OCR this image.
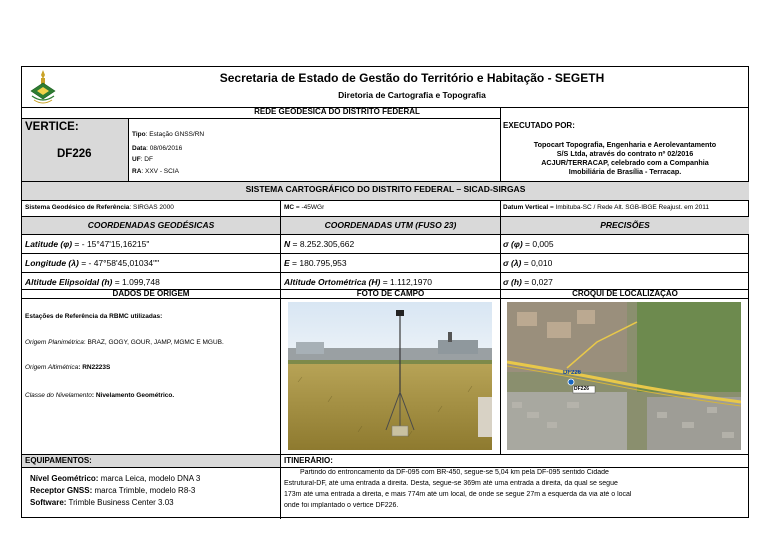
Secretaria de Estado de Gestão do Território e Habitação - SEGETH
Diretoria de Cartografia e Topografia
REDE GEODÉSICA DO DISTRITO FEDERAL
VÉRTICE:
DF226
Tipo: Estação GNSS/RN
Data: 08/06/2016
UF: DF
RA: XXV - SCIA
EXECUTADO POR:
Topocart Topografia, Engenharia e Aerolevantamento
S/S Ltda, através do contrato nº 02/2016
ACJUR/TERRACAP, celebrado com a Companhia
Imobiliária de Brasília - Terracap.
SISTEMA CARTOGRÁFICO DO DISTRITO FEDERAL – SICAD-SIRGAS
Sistema Geodésico de Referência: SIRGAS 2000	MC = -45WGr	Datum Vertical = Imbituba-SC / Rede Alt. SGB-IBGE Reajust. em 2011
COORDENADAS GEODÉSICAS	COORDENADAS UTM (FUSO 23)	PRECISÕES
Latitude (φ) = - 15°47'15,16215"	N = 8.252.305,662	σ (φ) = 0,005
Longitude (λ) = - 47°58'45,01034""	E = 180.795,953	σ (λ) = 0,010
Altitude Elipsoidal (h) = 1.099,748	Altitude Ortométrica (H) = 1.112,1970	σ (h) = 0,027
DADOS DE ORIGEM	FOTO DE CAMPO	CROQUI DE LOCALIZAÇÃO
Estações de Referência da RBMC utilizadas:
Origem Planimétrica: BRAZ, GOGY, GOUR, JAMP, MGMC E MGUB.
Origem Altimétrica: RN2223S
Classe do Nivelamento: Nivelamento Geométrico.
DF226
DF226
EQUIPAMENTOS:	ITINERÁRIO:
Nível Geométrico: marca Leica, modelo DNA 3
Receptor GNSS: marca Trimble, modelo R8-3
Software: Trimble Business Center 3.03
Partindo do entroncamento da DF-095 com BR-450, segue-se 5,04 km pela DF-095 sentido Cidade
Estrutural-DF, até uma entrada a direita. Desta, segue-se 369m até uma entrada a direita, da qual se segue
173m até uma entrada a direita, e mais 774m até um local, de onde se segue 27m a esquerda da via até o local
onde foi implantado o vértice DF226.
